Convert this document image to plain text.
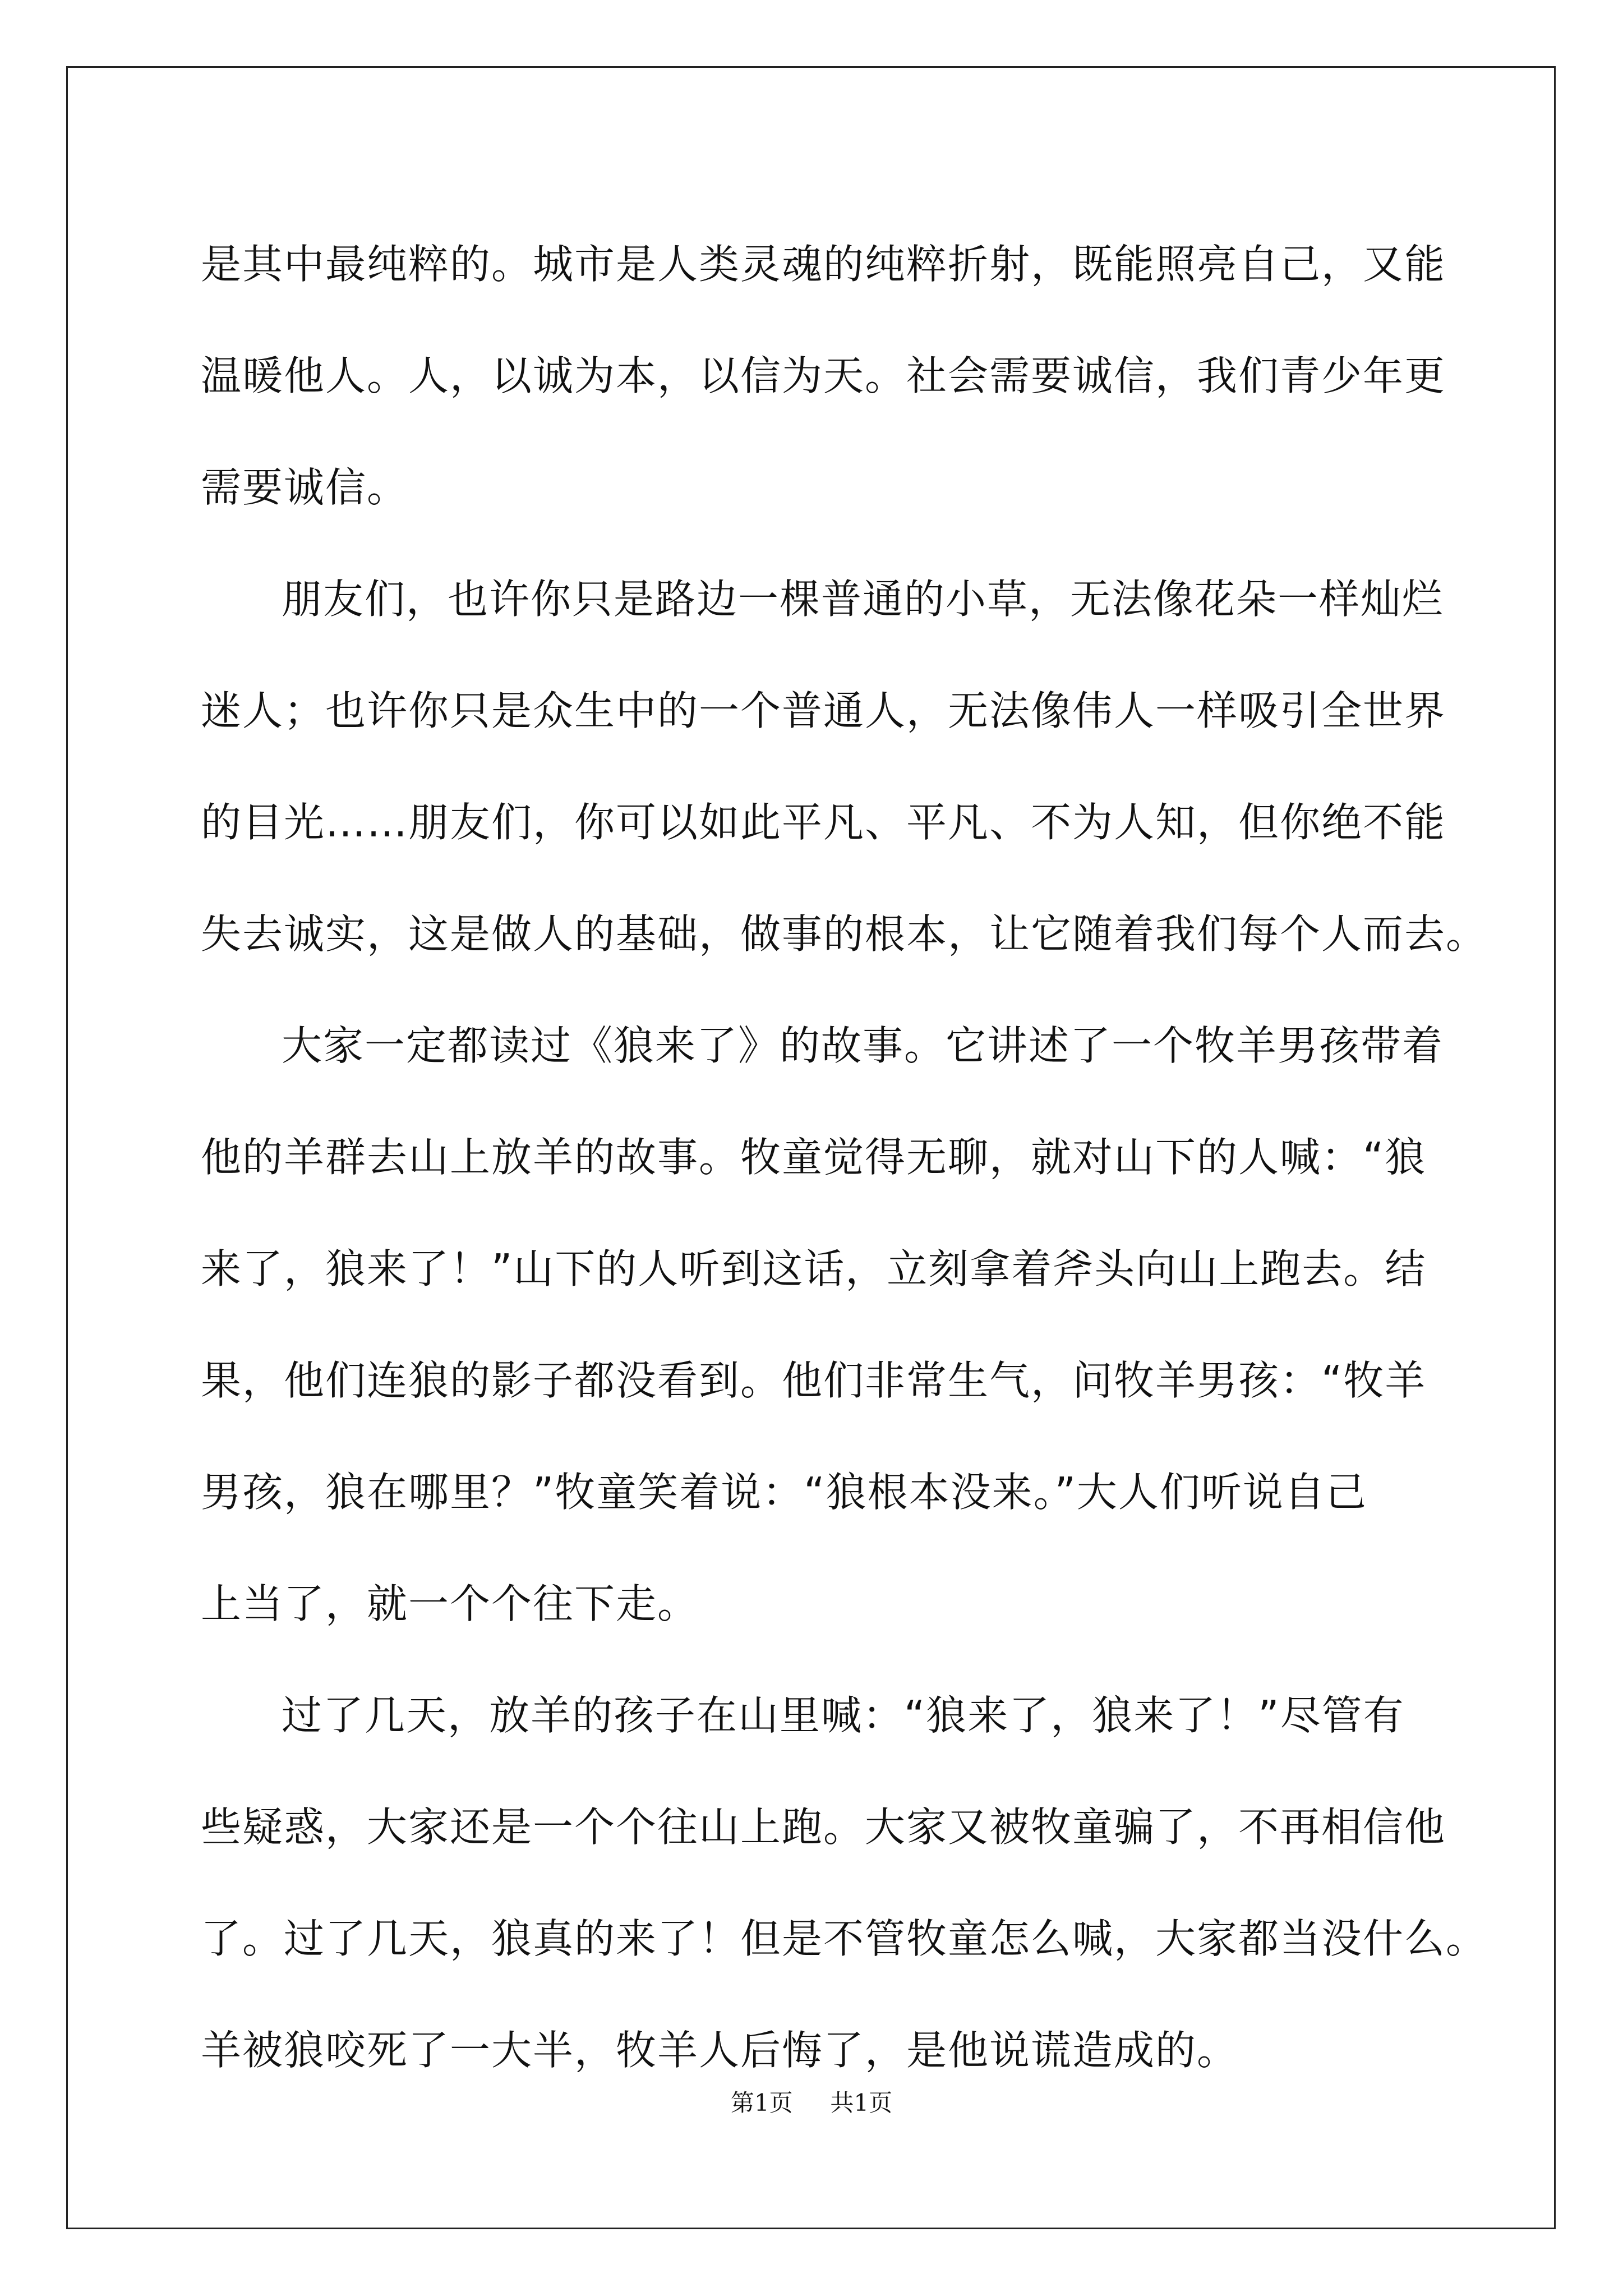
是其中最纯粹的。城市是人类灵魂的纯粹折射，既能照亮自己，又能
温暖他人。人，以诚为本，以信为天。社会需要诚信，我们青少年更
需要诚信。
朋友们，也许你只是路边一棵普通的小草，无法像花朵一样灿烂
迷人；也许你只是众生中的一个普通人，无法像伟人一样吸引全世界
的目光……朋友们，你可以如此平凡、平凡、不为人知，但你绝不能
失去诚实，这是做人的基础，做事的根本，让它随着我们每个人而去。
大家一定都读过《狼来了》的故事。它讲述了一个牧羊男孩带着
他的羊群去山上放羊的故事。牧童觉得无聊，就对山下的人喊：“狼
来了，狼来了！”山下的人听到这话，立刻拿着斧头向山上跑去。结
果，他们连狼的影子都没看到。他们非常生气，问牧羊男孩：“牧羊
男孩，狼在哪里？”牧童笑着说：“狼根本没来。”大人们听说自己
上当了，就一个个往下走。
过了几天，放羊的孩子在山里喊：“狼来了，狼来了！”尽管有
些疑惑，大家还是一个个往山上跑。大家又被牧童骗了，不再相信他
了。过了几天，狼真的来了！但是不管牧童怎么喊，大家都当没什么。
羊被狼咬死了一大半，牧羊人后悔了，是他说谎造成的。
第1页 共1页
